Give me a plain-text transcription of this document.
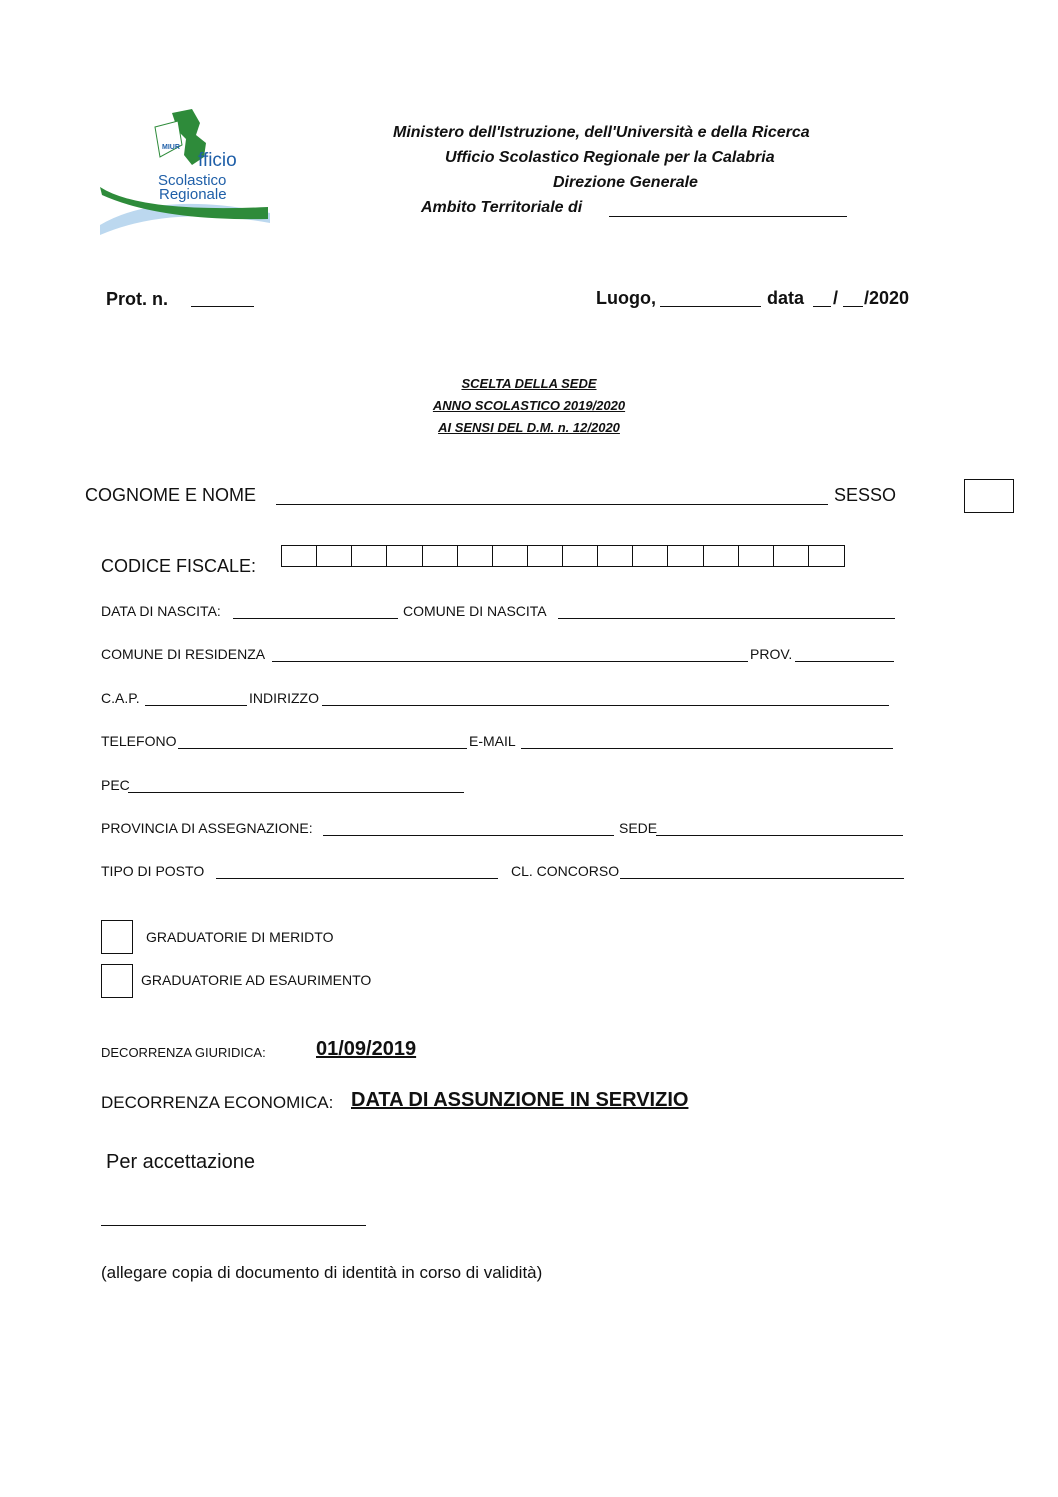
MIUR
fficio
Scolastico
Regionale
Ministero dell'Istruzione, dell'Università e della Ricerca
Ufficio Scolastico Regionale per la Calabria
Direzione Generale
Ambito Territoriale di
Prot. n.	Luogo,	data / /2020
SCELTA DELLA SEDE
ANNO SCOLASTICO 2019/2020
AI SENSI DEL D.M. n. 12/2020
COGNOME E NOME	SESSO
CODICE FISCALE:
DATA DI NASCITA:	COMUNE DI NASCITA
COMUNE DI RESIDENZA	PROV.
C.A.P.	INDIRIZZO
TELEFONO	E-MAIL
PEC
PROVINCIA DI ASSEGNAZIONE:	SEDE
TIPO DI POSTO	CL. CONCORSO
GRADUATORIE DI MERIDTO
GRADUATORIE AD ESAURIMENTO
DECORRENZA GIURIDICA:	01/09/2019
DECORRENZA ECONOMICA: DATA DI ASSUNZIONE IN SERVIZIO
Per accettazione
(allegare copia di documento di identità in corso di validità)
